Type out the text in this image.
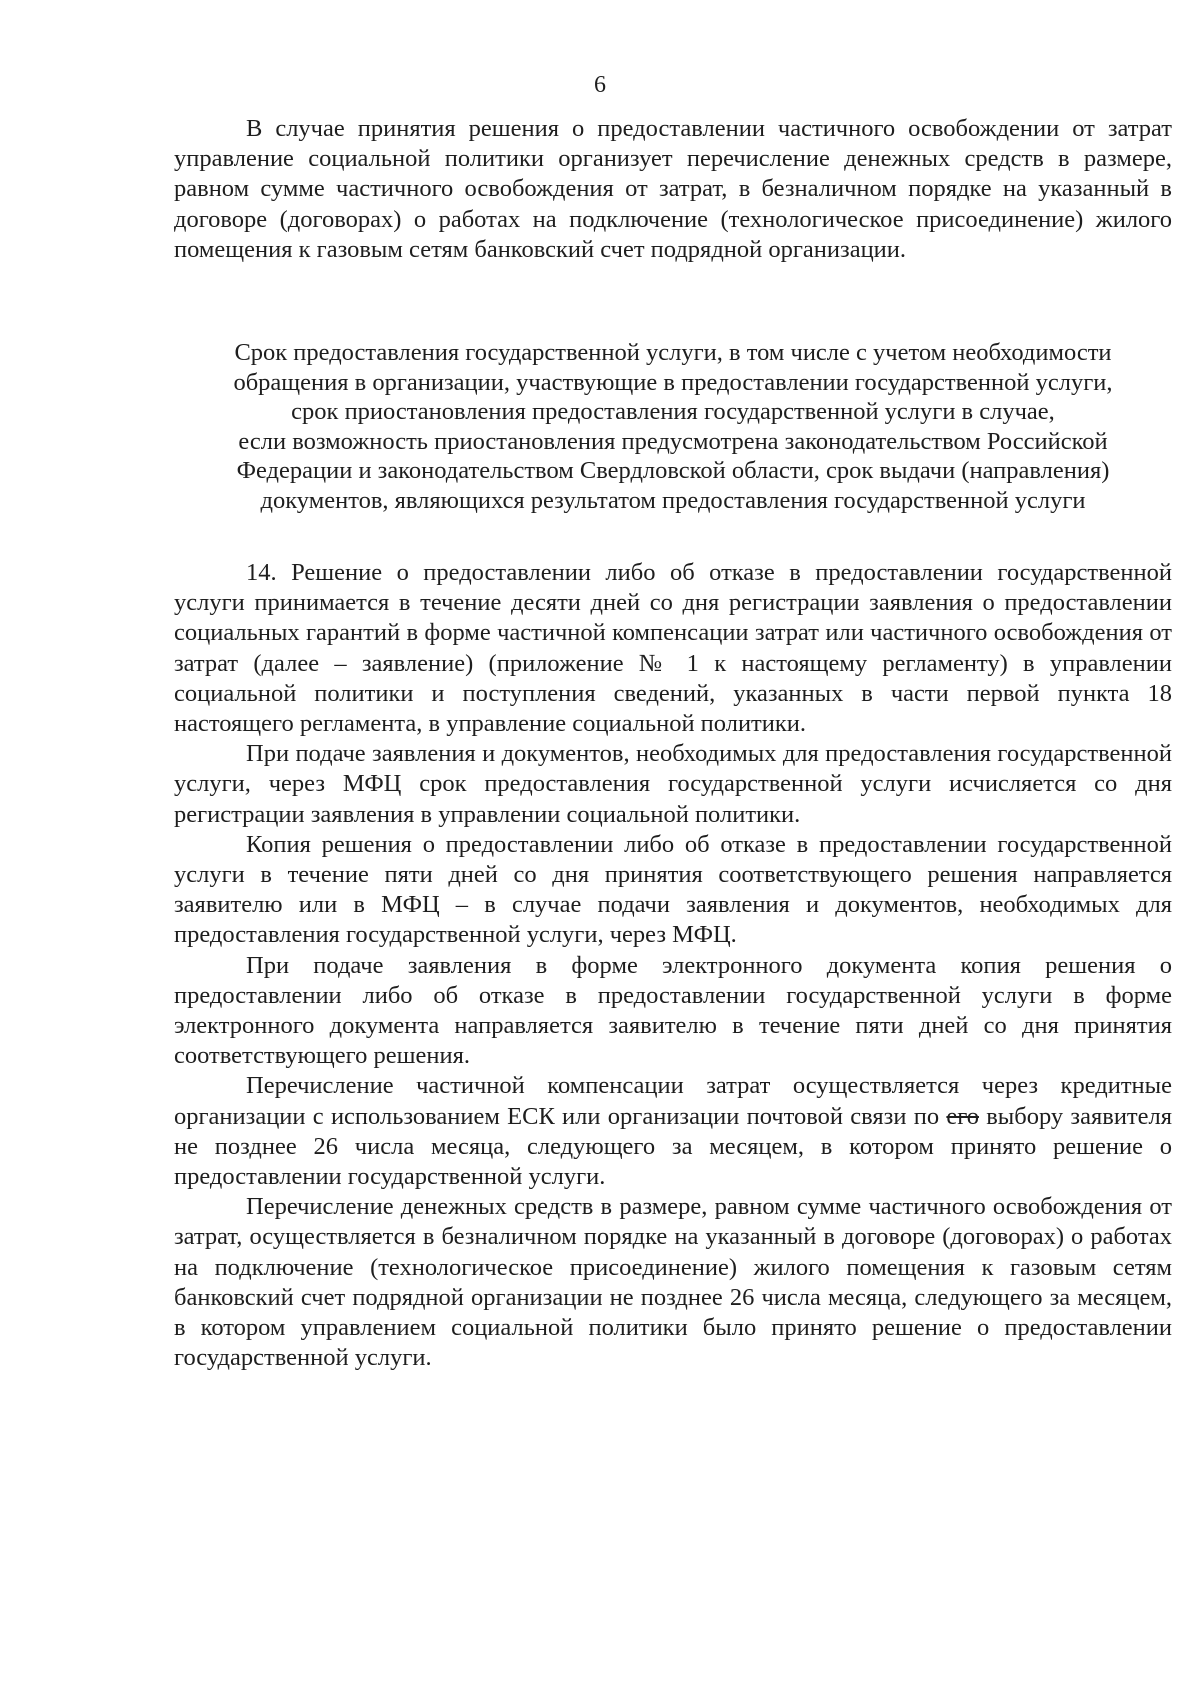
6

В случае принятия решения о предоставлении частичного освобождении от затрат управление социальной политики организует перечисление денежных средств в размере, равном сумме частичного освобождения от затрат, в безналичном порядке на указанный в договоре (договорах) о работах на подключение (технологическое присоединение) жилого помещения к газовым сетям банковский счет подрядной организации.

Срок предоставления государственной услуги, в том числе с учетом необходимости
обращения в организации, участвующие в предоставлении государственной услуги,
срок приостановления предоставления государственной услуги в случае,
если возможность приостановления предусмотрена законодательством Российской
Федерации и законодательством Свердловской области, срок выдачи (направления)
документов, являющихся результатом предоставления государственной услуги

14. Решение о предоставлении либо об отказе в предоставлении государственной услуги принимается в течение десяти дней со дня регистрации заявления о предоставлении социальных гарантий в форме частичной компенсации затрат или частичного освобождения от затрат (далее – заявление) (приложение № 1 к настоящему регламенту) в управлении социальной политики и поступления сведений, указанных в части первой пункта 18 настоящего регламента, в управление социальной политики.

При подаче заявления и документов, необходимых для предоставления государственной услуги, через МФЦ срок предоставления государственной услуги исчисляется со дня регистрации заявления в управлении социальной политики.

Копия решения о предоставлении либо об отказе в предоставлении государственной услуги в течение пяти дней со дня принятия соответствующего решения направляется заявителю или в МФЦ – в случае подачи заявления и документов, необходимых для предоставления государственной услуги, через МФЦ.

При подаче заявления в форме электронного документа копия решения о предоставлении либо об отказе в предоставлении государственной услуги в форме электронного документа направляется заявителю в течение пяти дней со дня принятия соответствующего решения.

Перечисление частичной компенсации затрат осуществляется через кредитные организации с использованием ЕСК или организации почтовой связи по его выбору заявителя не позднее 26 числа месяца, следующего за месяцем, в котором принято решение о предоставлении государственной услуги.

Перечисление денежных средств в размере, равном сумме частичного освобождения от затрат, осуществляется в безналичном порядке на указанный в договоре (договорах) о работах на подключение (технологическое присоединение) жилого помещения к газовым сетям банковский счет подрядной организации не позднее 26 числа месяца, следующего за месяцем, в котором управлением социальной политики было принято решение о предоставлении государственной услуги.
